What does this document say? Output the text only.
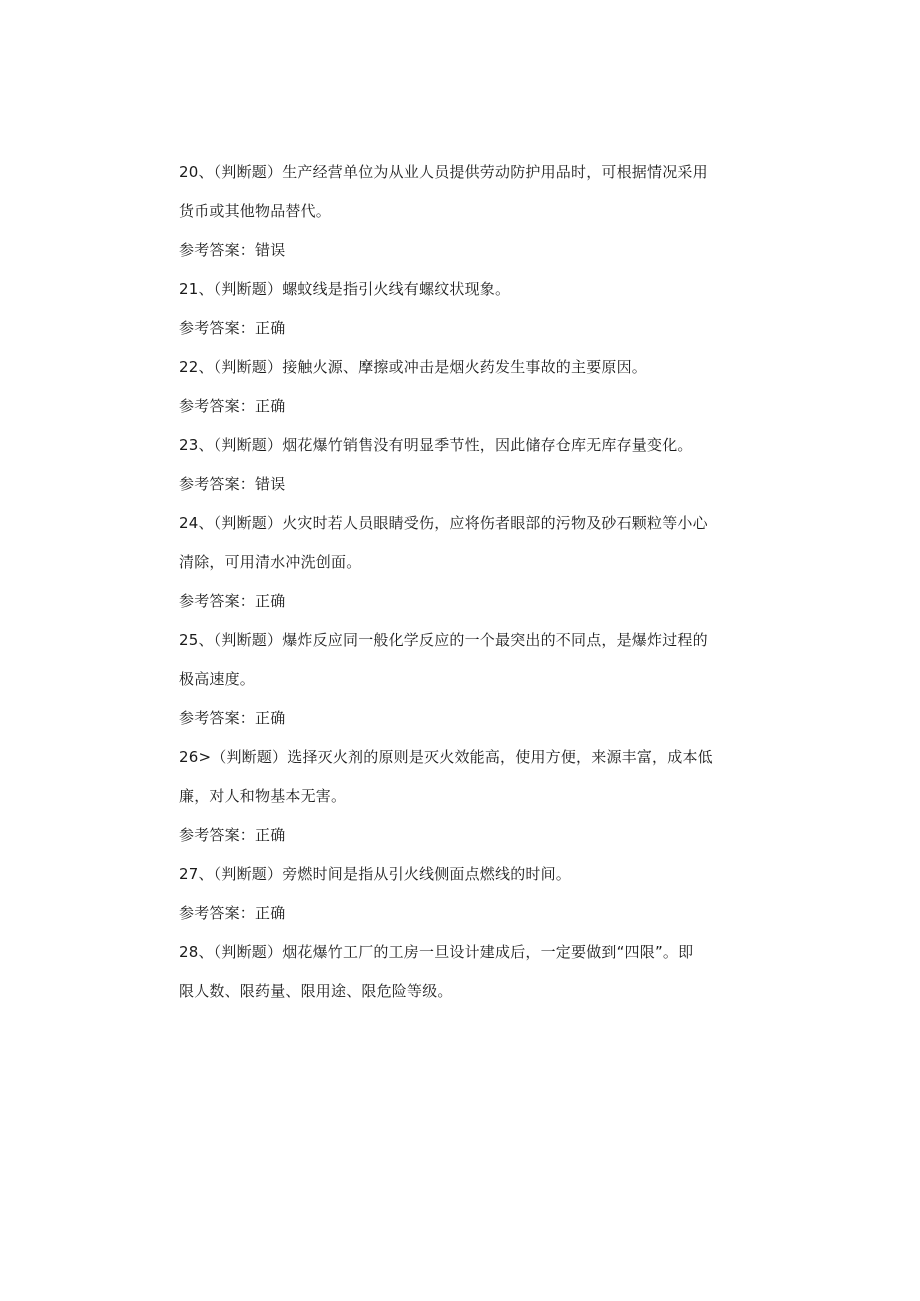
20、（判断题）生产经营单位为从业人员提供劳动防护用品时，可根据情况采用
货币或其他物品替代。
参考答案：错误
21、（判断题）螺蚊线是指引火线有螺纹状现象。
参考答案：正确
22、（判断题）接触火源、摩擦或冲击是烟火药发生事故的主要原因。
参考答案：正确
23、（判断题）烟花爆竹销售没有明显季节性，因此储存仓库无库存量变化。
参考答案：错误
24、（判断题）火灾时若人员眼睛受伤，应将伤者眼部的污物及砂石颗粒等小心
清除，可用清水冲洗创面。
参考答案：正确
25、（判断题）爆炸反应同一般化学反应的一个最突出的不同点，是爆炸过程的
极高速度。
参考答案：正确
26>（判断题）选择灭火剂的原则是灭火效能高，使用方便，来源丰富，成本低
廉，对人和物基本无害。
参考答案：正确
27、（判断题）旁燃时间是指从引火线侧面点燃线的时间。
参考答案：正确
28、（判断题）烟花爆竹工厂的工房一旦设计建成后，一定要做到“四限”。即
限人数、限药量、限用途、限危险等级。
